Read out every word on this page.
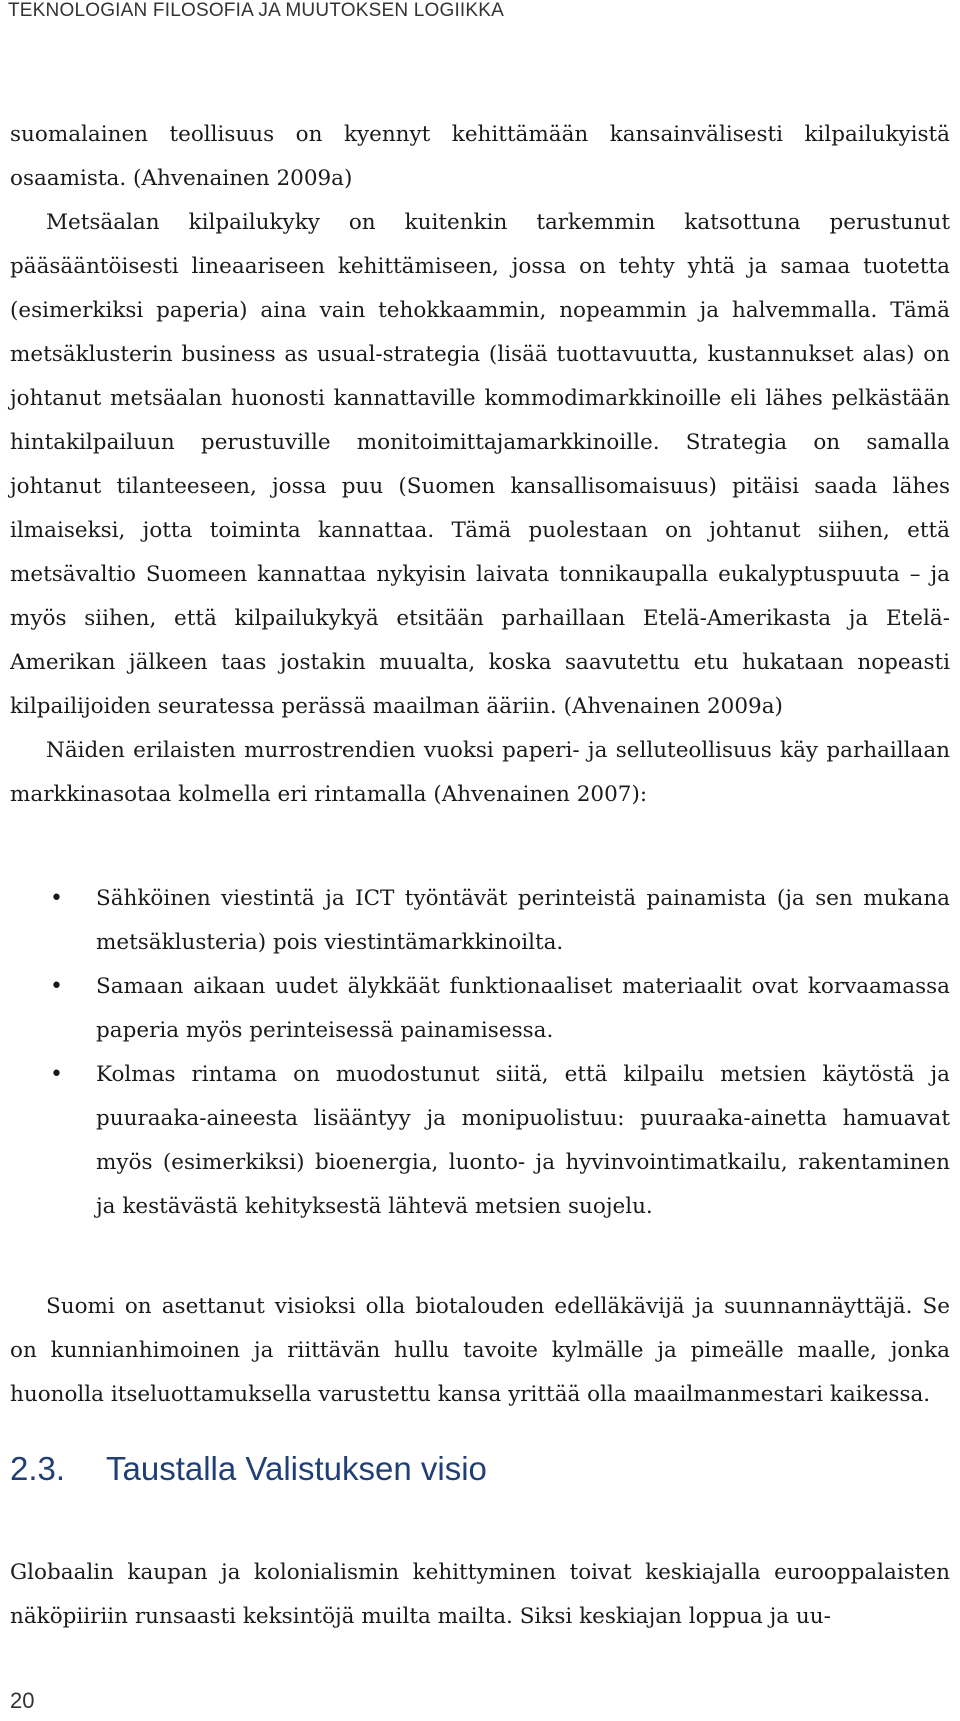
TEKNOLOGIAN FILOSOFIA JA MUUTOKSEN LOGIIKKA

suomalainen teollisuus on kyennyt kehittämään kansainvälisesti kilpailukyistä osaamista. (Ahvenainen 2009a)

Metsäalan kilpailukyky on kuitenkin tarkemmin katsottuna perustunut pääsääntöisesti lineaariseen kehittämiseen, jossa on tehty yhtä ja samaa tuotetta (esimerkiksi paperia) aina vain tehokkaammin, nopeammin ja halvemmalla. Tämä metsäklusterin business as usual-strategia (lisää tuottavuutta, kustannukset alas) on johtanut metsäalan huonosti kannattaville kommodimarkkinoille eli lähes pelkästään hintakilpailuun perustuville monitoimittajamarkkinoille. Strategia on samalla johtanut tilanteeseen, jossa puu (Suomen kansallisomaisuus) pitäisi saada lähes ilmaiseksi, jotta toiminta kannattaa. Tämä puolestaan on johtanut siihen, että metsävaltio Suomeen kannattaa nykyisin laivata tonnikaupalla eukalyptuspuuta – ja myös siihen, että kilpailukykyä etsitään parhaillaan Etelä-Amerikasta ja Etelä-Amerikan jälkeen taas jostakin muualta, koska saavutettu etu hukataan nopeasti kilpailijoiden seuratessa perässä maailman ääriin. (Ahvenainen 2009a)

Näiden erilaisten murrostrendien vuoksi paperi- ja selluteollisuus käy parhaillaan markkinasotaa kolmella eri rintamalla (Ahvenainen 2007):

• Sähköinen viestintä ja ICT työntävät perinteistä painamista (ja sen mukana metsäklusteria) pois viestintämarkkinoilta.
• Samaan aikaan uudet älykkäät funktionaaliset materiaalit ovat korvaamassa paperia myös perinteisessä painamisessa.
• Kolmas rintama on muodostunut siitä, että kilpailu metsien käytöstä ja puuraaka-aineesta lisääntyy ja monipuolistuu: puuraaka-ainetta hamuavat myös (esimerkiksi) bioenergia, luonto- ja hyvinvointimatkailu, rakentaminen ja kestävästä kehityksestä lähtevä metsien suojelu.

Suomi on asettanut visioksi olla biotalouden edelläkävijä ja suunnannäyttäjä. Se on kunnianhimoinen ja riittävän hullu tavoite kylmälle ja pimeälle maalle, jonka huonolla itseluottamuksella varustettu kansa yrittää olla maailmanmestari kaikessa.

2.3. Taustalla Valistuksen visio

Globaalin kaupan ja kolonialismin kehittyminen toivat keskiajalla eurooppalaisten näköpiiriin runsaasti keksintöjä muilta mailta. Siksi keskiajan loppua ja uu-

20
